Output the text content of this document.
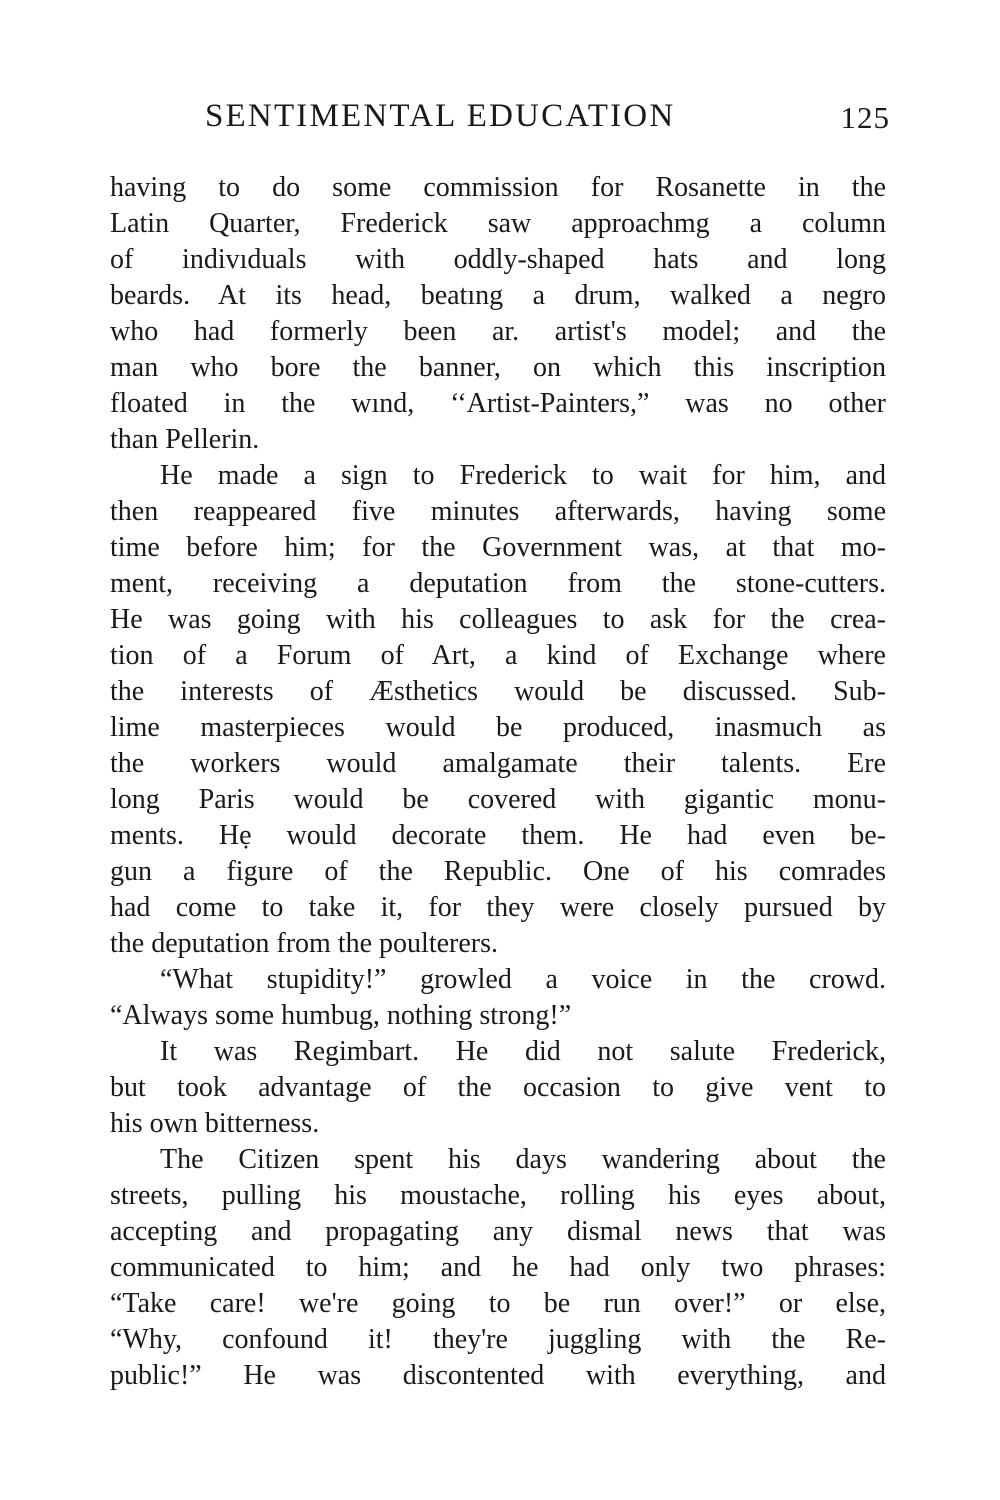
SENTIMENTAL EDUCATION	125
having to do some commission for Rosanette in the
Latin Quarter, Frederick saw approachmg a column
of indivıduals with oddly-shaped hats and long
beards. At its head, beatıng a drum, walked a negro
who had formerly been ar. artist's model; and the
man who bore the banner, on which this inscription
floated in the wınd, ‘‘Artist-Painters,” was no other
than Pellerin.
He made a sign to Frederick to wait for him, and
then reappeared five minutes afterwards, having some
time before him; for the Government was, at that mo-
ment, receiving a deputation from the stone-cutters.
He was going with his colleagues to ask for the crea-
tion of a Forum of Art, a kind of Exchange where
the interests of Æsthetics would be discussed. Sub-
lime masterpieces would be produced, inasmuch as
the workers would amalgamate their talents. Ere
long Paris would be covered with gigantic monu-
ments. Hẹ would decorate them. He had even be-
gun a figure of the Republic. One of his comrades
had come to take it, for they were closely pursued by
the deputation from the poulterers.
“What stupidity!” growled a voice in the crowd.
“Always some humbug, nothing strong!”
It was Regimbart. He did not salute Frederick,
but took advantage of the occasion to give vent to
his own bitterness.
The Citizen spent his days wandering about the
streets, pulling his moustache, rolling his eyes about,
accepting and propagating any dismal news that was
communicated to him; and he had only two phrases:
“Take care! we're going to be run over!” or else,
“Why, confound it! they're juggling with the Re-
public!” He was discontented with everything, and
